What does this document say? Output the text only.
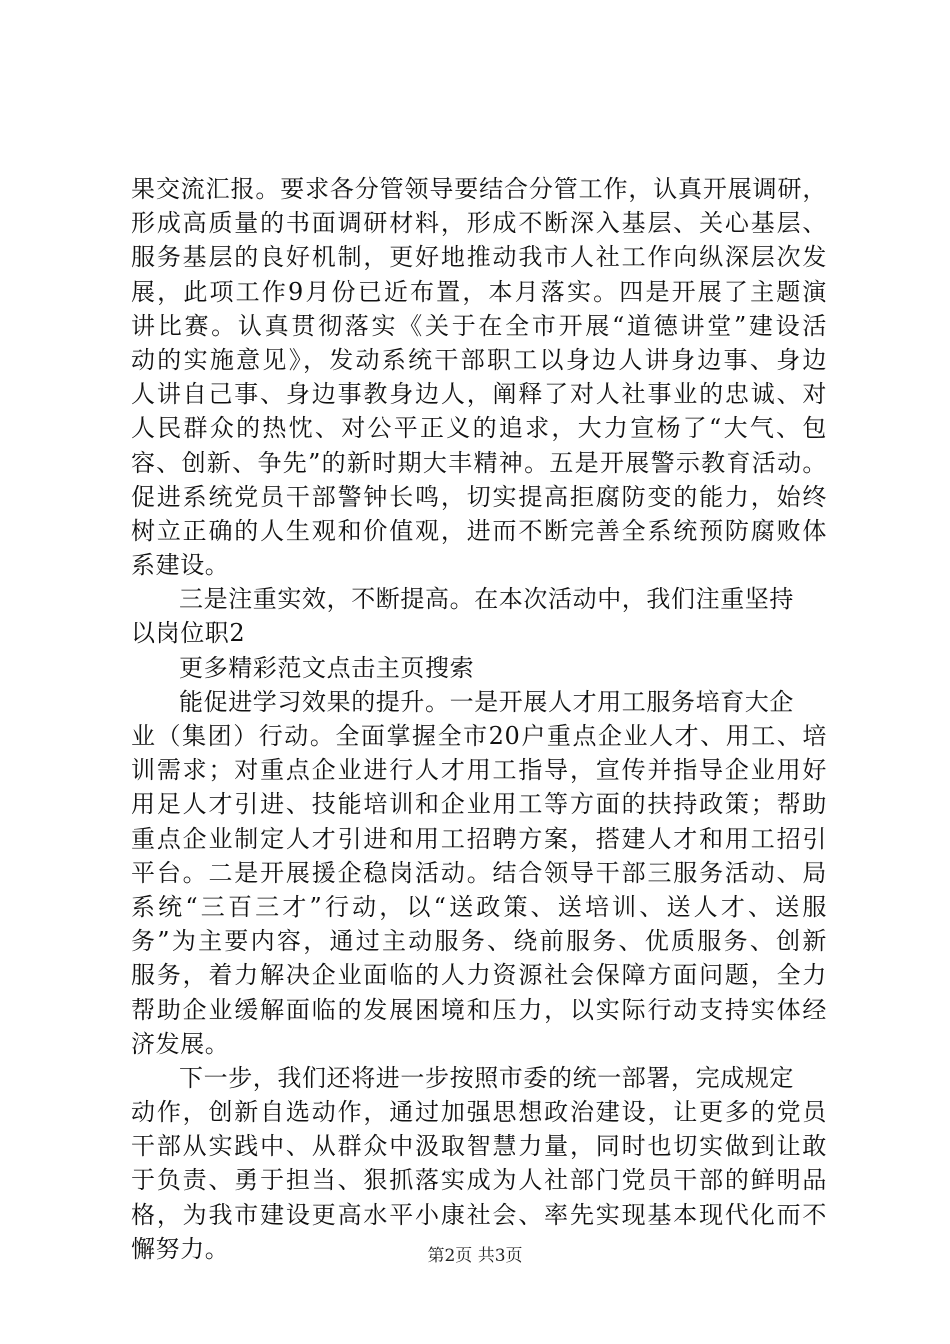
果交流汇报。要求各分管领导要结合分管工作，认真开展调研，
形成高质量的书面调研材料，形成不断深入基层、关心基层、
服务基层的良好机制，更好地推动我市人社工作向纵深层次发
展，此项工作9月份已近布置，本月落实。四是开展了主题演
讲比赛。认真贯彻落实《关于在全市开展“道德讲堂”建设活
动的实施意见》，发动系统干部职工以身边人讲身边事、身边
人讲自己事、身边事教身边人，阐释了对人社事业的忠诚、对
人民群众的热忱、对公平正义的追求，大力宣杨了“大气、包
容、创新、争先”的新时期大丰精神。五是开展警示教育活动。
促进系统党员干部警钟长鸣，切实提高拒腐防变的能力，始终
树立正确的人生观和价值观，进而不断完善全系统预防腐败体
系建设。
三是注重实效，不断提高。在本次活动中，我们注重坚持
以岗位职2
更多精彩范文点击主页搜索
能促进学习效果的提升。一是开展人才用工服务培育大企
业（集团）行动。全面掌握全市20户重点企业人才、用工、培
训需求；对重点企业进行人才用工指导，宣传并指导企业用好
用足人才引进、技能培训和企业用工等方面的扶持政策；帮助
重点企业制定人才引进和用工招聘方案，搭建人才和用工招引
平台。二是开展援企稳岗活动。结合领导干部三服务活动、局
系统“三百三才”行动，以“送政策、送培训、送人才、送服
务”为主要内容，通过主动服务、绕前服务、优质服务、创新
服务，着力解决企业面临的人力资源社会保障方面问题，全力
帮助企业缓解面临的发展困境和压力，以实际行动支持实体经
济发展。
下一步，我们还将进一步按照市委的统一部署，完成规定
动作，创新自选动作，通过加强思想政治建设，让更多的党员
干部从实践中、从群众中汲取智慧力量，同时也切实做到让敢
于负责、勇于担当、狠抓落实成为人社部门党员干部的鲜明品
格，为我市建设更高水平小康社会、率先实现基本现代化而不
懈努力。	第2页 共3页
